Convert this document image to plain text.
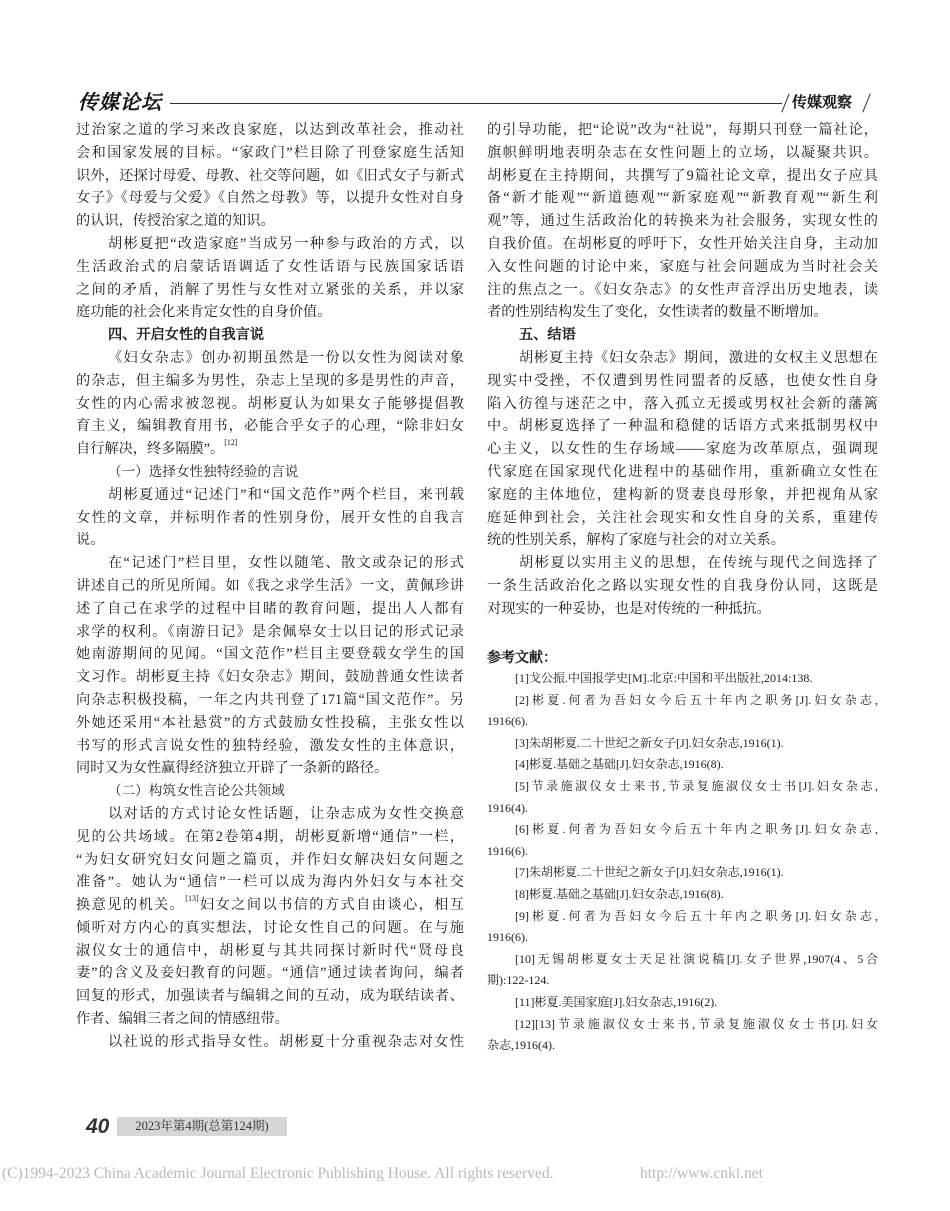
传媒论坛	传媒观察
过治家之道的学习来改良家庭，以达到改革社会，推动社
会和国家发展的目标。“家政门”栏目除了刊登家庭生活知
识外，还探讨母爱、母教、社交等问题，如《旧式女子与新式
女子》《母爱与父爱》《自然之母教》等，以提升女性对自身
的认识，传授治家之道的知识。
胡彬夏把“改造家庭”当成另一种参与政治的方式，以
生活政治式的启蒙话语调适了女性话语与民族国家话语
之间的矛盾，消解了男性与女性对立紧张的关系，并以家
庭功能的社会化来肯定女性的自身价值。
四、开启女性的自我言说
《妇女杂志》创办初期虽然是一份以女性为阅读对象
的杂志，但主编多为男性，杂志上呈现的多是男性的声音，
女性的内心需求被忽视。胡彬夏认为如果女子能够提倡教
育主义，编辑教育用书，必能合乎女子的心理，“除非妇女
自行解决，终多隔膜”。[12]
（一）选择女性独特经验的言说
胡彬夏通过“记述门”和“国文范作”两个栏目，来刊载
女性的文章，并标明作者的性别身份，展开女性的自我言
说。
在“记述门”栏目里，女性以随笔、散文或杂记的形式
讲述自己的所见所闻。如《我之求学生活》一文，黄佩珍讲
述了自己在求学的过程中目睹的教育问题，提出人人都有
求学的权利。《南游日记》是余佩皋女士以日记的形式记录
她南游期间的见闻。“国文范作”栏目主要登载女学生的国
文习作。胡彬夏主持《妇女杂志》期间，鼓励普通女性读者
向杂志积极投稿，一年之内共刊登了171篇“国文范作”。另
外她还采用“本社悬赏”的方式鼓励女性投稿，主张女性以
书写的形式言说女性的独特经验，激发女性的主体意识，
同时又为女性赢得经济独立开辟了一条新的路径。
（二）构筑女性言论公共领域
以对话的方式讨论女性话题，让杂志成为女性交换意
见的公共场域。在第2卷第4期，胡彬夏新增“通信”一栏，
“为妇女研究妇女问题之篇页，并作妇女解决妇女问题之
准备”。她认为“通信”一栏可以成为海内外妇女与本社交
换意见的机关。[13]妇女之间以书信的方式自由谈心，相互
倾听对方内心的真实想法，讨论女性自己的问题。在与施
淑仪女士的通信中，胡彬夏与其共同探讨新时代“贤母良
妻”的含义及妾妇教育的问题。“通信”通过读者询问，编者
回复的形式，加强读者与编辑之间的互动，成为联结读者、
作者、编辑三者之间的情感纽带。
以社说的形式指导女性。胡彬夏十分重视杂志对女性
的引导功能，把“论说”改为“社说”，每期只刊登一篇社论，
旗帜鲜明地表明杂志在女性问题上的立场，以凝聚共识。
胡彬夏在主持期间，共撰写了9篇社论文章，提出女子应具
备“新才能观”“新道德观”“新家庭观”“新教育观”“新生利
观”等，通过生活政治化的转换来为社会服务，实现女性的
自我价值。在胡彬夏的呼吁下，女性开始关注自身，主动加
入女性问题的讨论中来，家庭与社会问题成为当时社会关
注的焦点之一。《妇女杂志》的女性声音浮出历史地表，读
者的性别结构发生了变化，女性读者的数量不断增加。
五、结语
胡彬夏主持《妇女杂志》期间，激进的女权主义思想在
现实中受挫，不仅遭到男性同盟者的反感，也使女性自身
陷入彷徨与迷茫之中，落入孤立无援或男权社会新的藩篱
中。胡彬夏选择了一种温和稳健的话语方式来抵制男权中
心主义，以女性的生存场域——家庭为改革原点，强调现
代家庭在国家现代化进程中的基础作用，重新确立女性在
家庭的主体地位，建构新的贤妻良母形象，并把视角从家
庭延伸到社会，关注社会现实和女性自身的关系，重建传
统的性别关系，解构了家庭与社会的对立关系。
胡彬夏以实用主义的思想，在传统与现代之间选择了
一条生活政治化之路以实现女性的自我身份认同，这既是
对现实的一种妥协，也是对传统的一种抵抗。
参考文献：
[1]戈公振.中国报学史[M].北京:中国和平出版社,2014:138.
[2]彬夏.何者为吾妇女今后五十年内之职务[J].妇女杂志,
1916(6).
[3]朱胡彬夏.二十世纪之新女子[J].妇女杂志,1916(1).
[4]彬夏.基础之基础[J].妇女杂志,1916(8).
[5]节录施淑仪女士来书,节录复施淑仪女士书[J].妇女杂志,
1916(4).
[6]彬夏.何者为吾妇女今后五十年内之职务[J].妇女杂志,
1916(6).
[7]朱胡彬夏.二十世纪之新女子[J].妇女杂志,1916(1).
[8]彬夏.基础之基础[J].妇女杂志,1916(8).
[9]彬夏.何者为吾妇女今后五十年内之职务[J].妇女杂志,
1916(6).
[10]无锡胡彬夏女士天足社演说稿[J].女子世界,1907(4、5合
期):122-124.
[11]彬夏.美国家庭[J].妇女杂志,1916(2).
[12][13]节录施淑仪女士来书,节录复施淑仪女士书[J].妇女
杂志,1916(4).
40	2023年第4期(总第124期)
(C)1994-2023 China Academic Journal Electronic Publishing House. All rights reserved.	http://www.cnki.net
